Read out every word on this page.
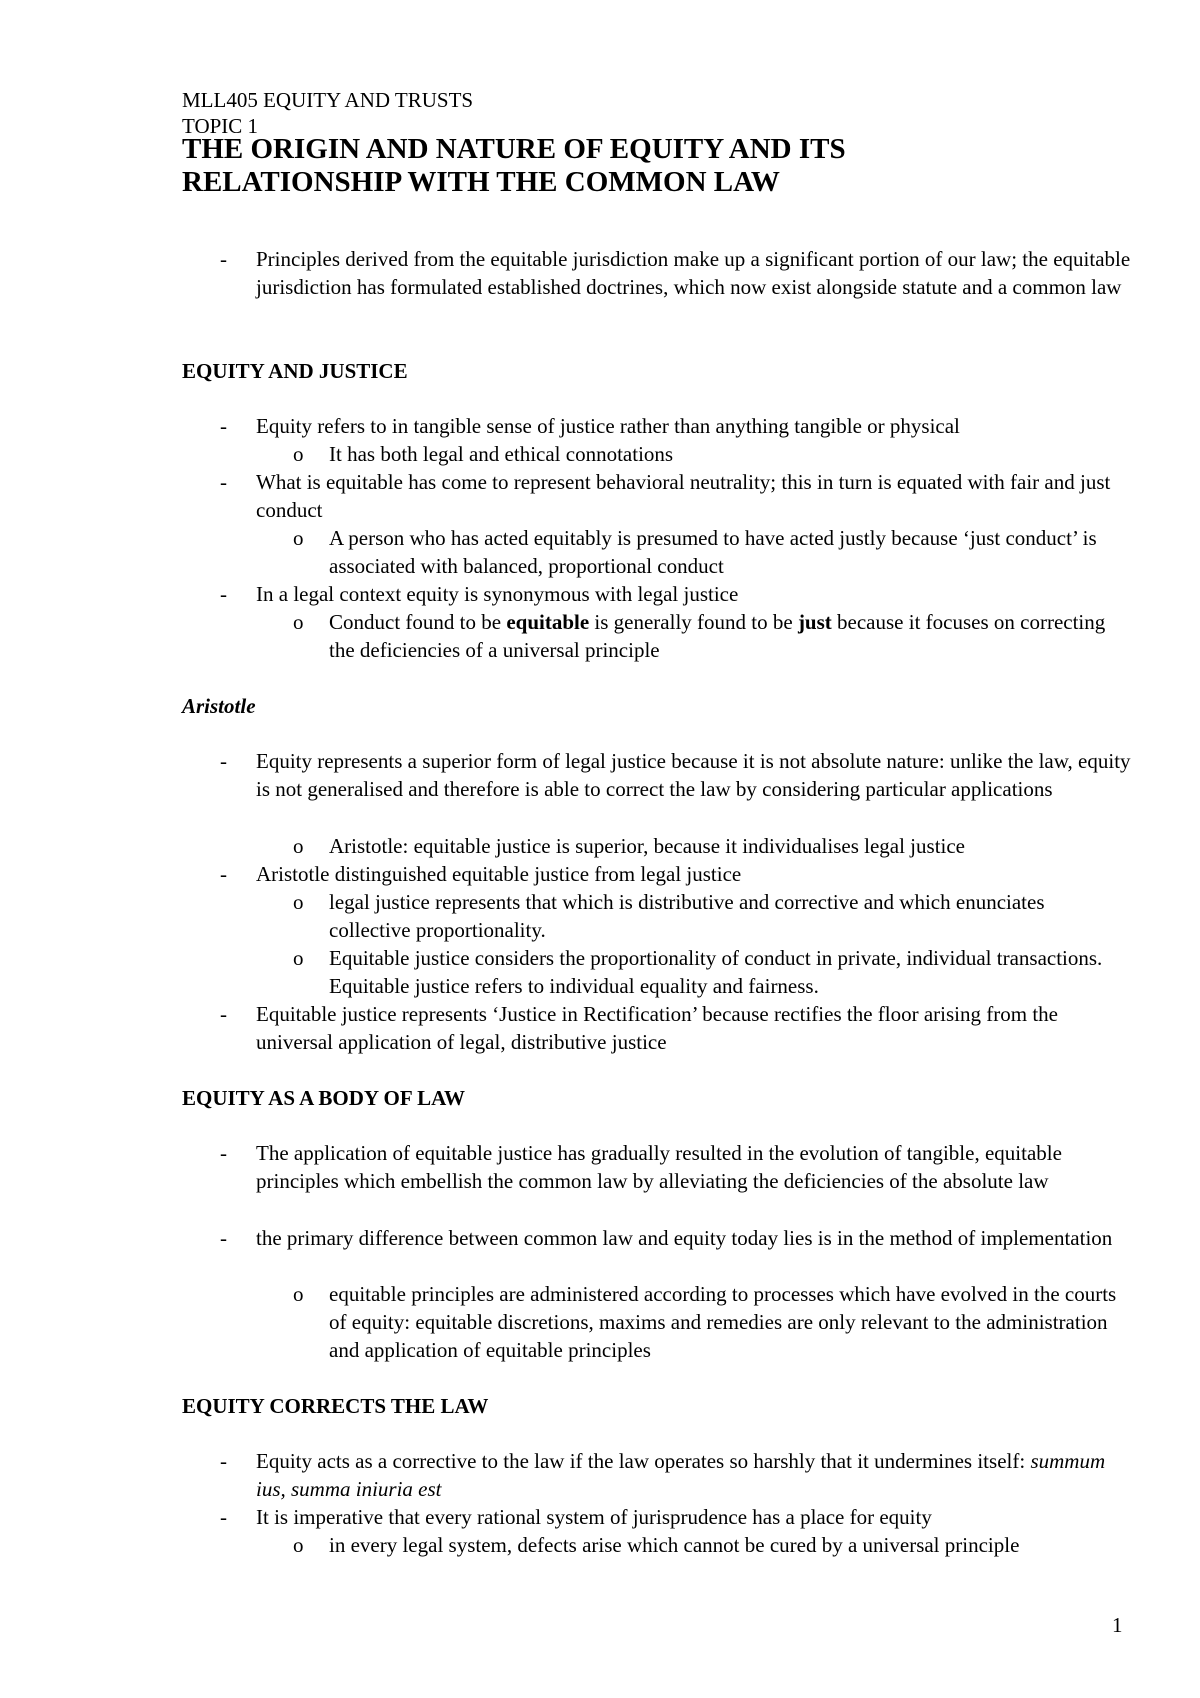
MLL405 EQUITY AND TRUSTS

TOPIC 1

THE ORIGIN AND NATURE OF EQUITY AND ITS

RELATIONSHIP WITH THE COMMON LAW

- Principles derived from the equitable jurisdiction make up a significant portion of our law; the equitable jurisdiction has formulated established doctrines, which now exist alongside statute and a common law

EQUITY AND JUSTICE

- Equity refers to in tangible sense of justice rather than anything tangible or physical
o It has both legal and ethical connotations
- What is equitable has come to represent behavioral neutrality; this in turn is equated with fair and just conduct
o A person who has acted equitably is presumed to have acted justly because ‘just conduct’ is associated with balanced, proportional conduct
- In a legal context equity is synonymous with legal justice
o Conduct found to be equitable is generally found to be just because it focuses on correcting the deficiencies of a universal principle

Aristotle

- Equity represents a superior form of legal justice because it is not absolute nature: unlike the law, equity is not generalised and therefore is able to correct the law by considering particular applications
o Aristotle: equitable justice is superior, because it individualises legal justice
- Aristotle distinguished equitable justice from legal justice
o legal justice represents that which is distributive and corrective and which enunciates collective proportionality.
o Equitable justice considers the proportionality of conduct in private, individual transactions. Equitable justice refers to individual equality and fairness.
- Equitable justice represents ‘Justice in Rectification’ because rectifies the floor arising from the universal application of legal, distributive justice

EQUITY AS A BODY OF LAW

- The application of equitable justice has gradually resulted in the evolution of tangible, equitable principles which embellish the common law by alleviating the deficiencies of the absolute law
- the primary difference between common law and equity today lies is in the method of implementation
o equitable principles are administered according to processes which have evolved in the courts of equity: equitable discretions, maxims and remedies are only relevant to the administration and application of equitable principles

EQUITY CORRECTS THE LAW

- Equity acts as a corrective to the law if the law operates so harshly that it undermines itself: summum ius, summa iniuria est
- It is imperative that every rational system of jurisprudence has a place for equity
o in every legal system, defects arise which cannot be cured by a universal principle
1
